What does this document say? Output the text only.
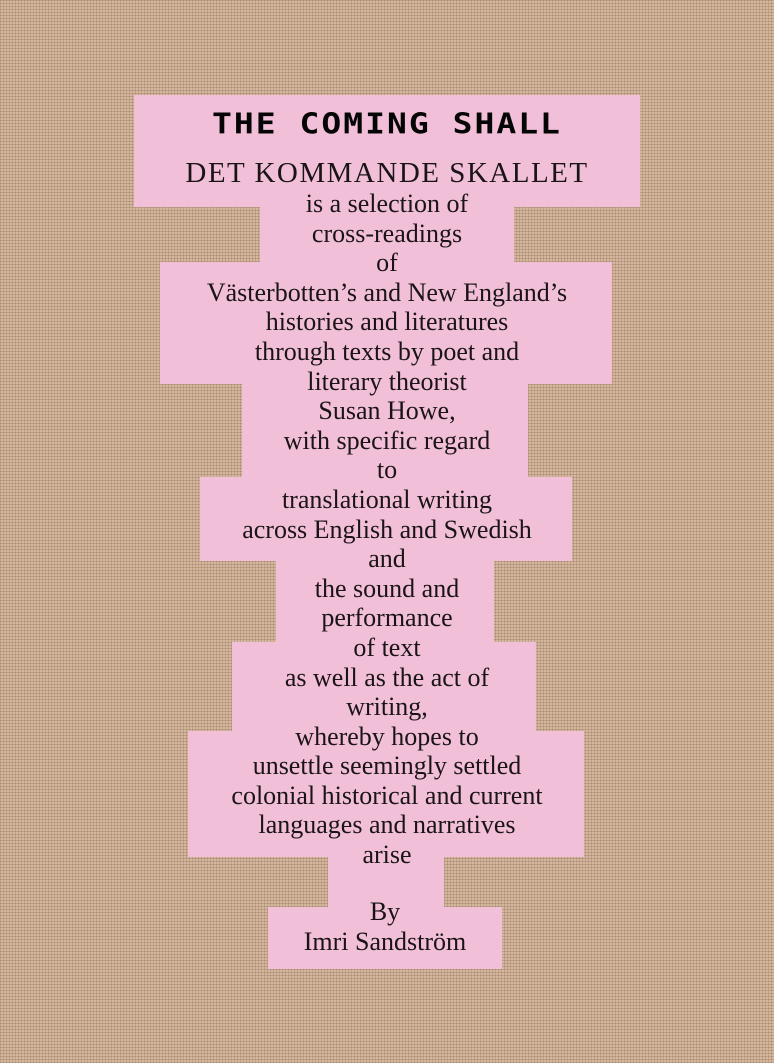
THE COMING SHALL
DET KOMMANDE SKALLET
is a selection of
cross-readings
of
Västerbotten’s and New England’s
histories and literatures
through texts by poet and
literary theorist
Susan Howe,
with specific regard
to
translational writing
across English and Swedish
and
the sound and
performance
of text
as well as the act of
writing,
whereby hopes to
unsettle seemingly settled
colonial historical and current
languages and narratives
arise
By
Imri Sandström
